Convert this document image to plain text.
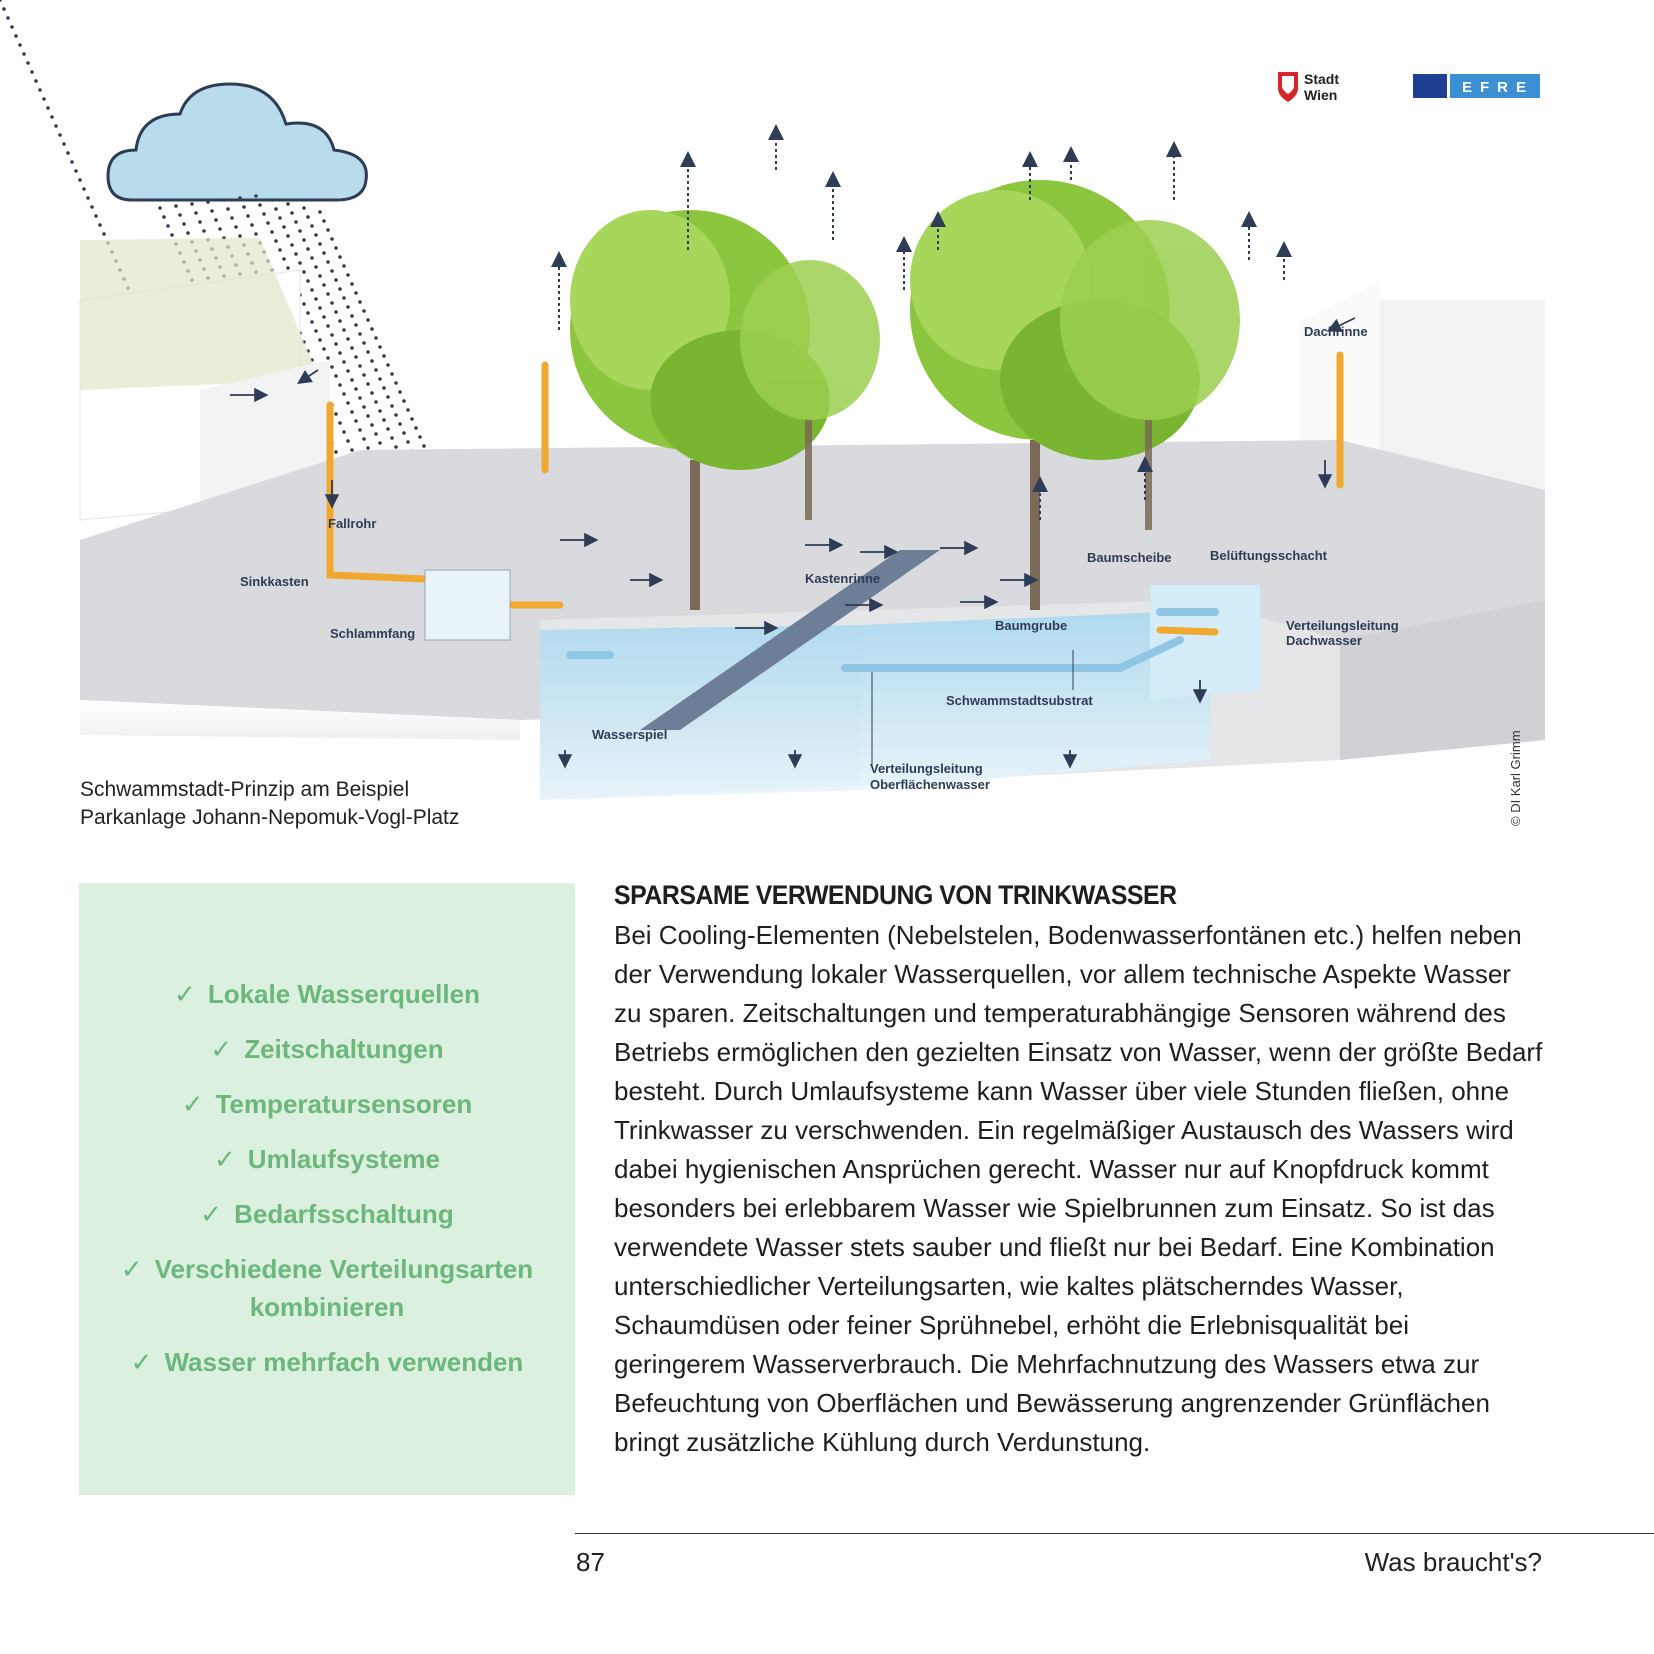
Stadt
Wien	EFRE
Fallrohr
Sinkkasten
Schlammfang
Kastenrinne
Baumscheibe	Belüftungsschacht
Dachrinne
Baumgrube	Verteilungsleitung
Dachwasser
Schwammstadtsubstrat
Wasserspiel
Verteilungsleitung
Oberflächenwasser
Schwammstadt-Prinzip am Beispiel
Parkanlage Johann-Nepomuk-Vogl-Platz	© DI Karl Grimm
✓ Lokale Wasserquellen
✓ Zeitschaltungen
✓ Temperatursensoren
✓ Umlaufsysteme
✓ Bedarfsschaltung
✓ Verschiedene Verteilungsarten kombinieren
✓ Wasser mehrfach verwenden
SPARSAME VERWENDUNG VON TRINKWASSER

Bei Cooling-Elementen (Nebelstelen, Bodenwasserfontänen etc.) helfen neben der Verwendung lokaler Wasserquellen, vor allem technische Aspekte Wasser zu sparen. Zeitschaltungen und temperaturabhängige Sensoren während des Betriebs ermöglichen den gezielten Einsatz von Wasser, wenn der größte Bedarf besteht. Durch Umlaufsysteme kann Wasser über viele Stunden fließen, ohne Trinkwasser zu verschwenden. Ein regelmäßiger Austausch des Wassers wird dabei hygienischen Ansprüchen gerecht. Wasser nur auf Knopfdruck kommt besonders bei erlebbarem Wasser wie Spielbrunnen zum Einsatz. So ist das verwendete Wasser stets sauber und fließt nur bei Bedarf. Eine Kombination unterschiedlicher Verteilungsarten, wie kaltes plätscherndes Wasser, Schaumdüsen oder feiner Sprühnebel, erhöht die Erlebnisqualität bei geringerem Wasserverbrauch. Die Mehrfachnutzung des Wassers etwa zur Befeuchtung von Oberflächen und Bewässerung angrenzender Grünflächen bringt zusätzliche Kühlung durch Verdunstung.

87	Was braucht's?
